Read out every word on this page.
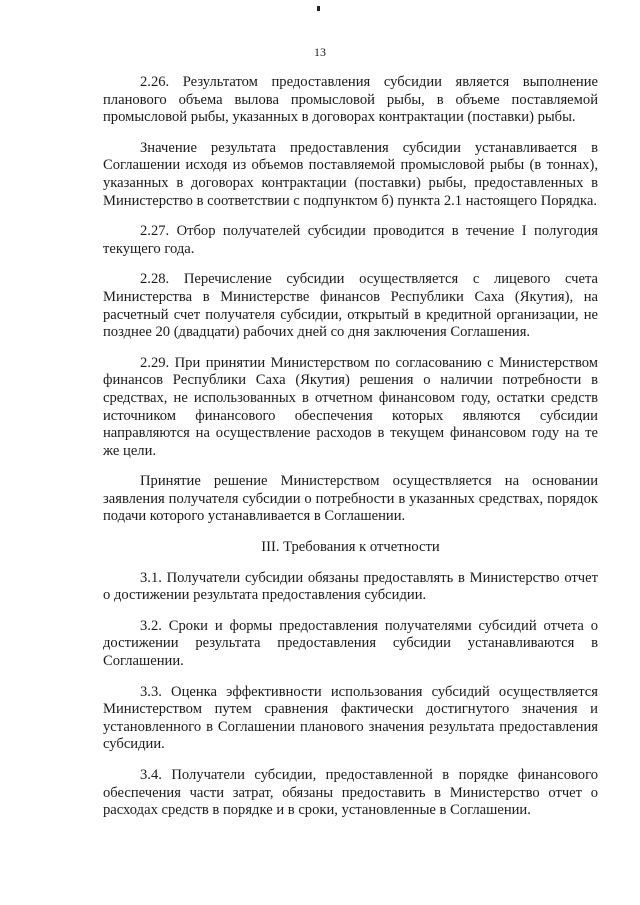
13

2.26. Результатом предоставления субсидии является выполнение планового объема вылова промысловой рыбы, в объеме поставляемой промысловой рыбы, указанных в договорах контрактации (поставки) рыбы.

Значение результата предоставления субсидии устанавливается в Соглашении исходя из объемов поставляемой промысловой рыбы (в тоннах), указанных в договорах контрактации (поставки) рыбы, предоставленных в Министерство в соответствии с подпунктом б) пункта 2.1 настоящего Порядка.

2.27. Отбор получателей субсидии проводится в течение I полугодия текущего года.

2.28. Перечисление субсидии осуществляется с лицевого счета Министерства в Министерстве финансов Республики Саха (Якутия), на расчетный счет получателя субсидии, открытый в кредитной организации, не позднее 20 (двадцати) рабочих дней со дня заключения Соглашения.

2.29. При принятии Министерством по согласованию с Министерством финансов Республики Саха (Якутия) решения о наличии потребности в средствах, не использованных в отчетном финансовом году, остатки средств источником финансового обеспечения которых являются субсидии направляются на осуществление расходов в текущем финансовом году на те же цели.

Принятие решение Министерством осуществляется на основании заявления получателя субсидии о потребности в указанных средствах, порядок подачи которого устанавливается в Соглашении.

III. Требования к отчетности

3.1. Получатели субсидии обязаны предоставлять в Министерство отчет о достижении результата предоставления субсидии.

3.2. Сроки и формы предоставления получателями субсидий отчета о достижении результата предоставления субсидии устанавливаются в Соглашении.

3.3. Оценка эффективности использования субсидий осуществляется Министерством путем сравнения фактически достигнутого значения и установленного в Соглашении планового значения результата предоставления субсидии.

3.4. Получатели субсидии, предоставленной в порядке финансового обеспечения части затрат, обязаны предоставить в Министерство отчет о расходах средств в порядке и в сроки, установленные в Соглашении.
